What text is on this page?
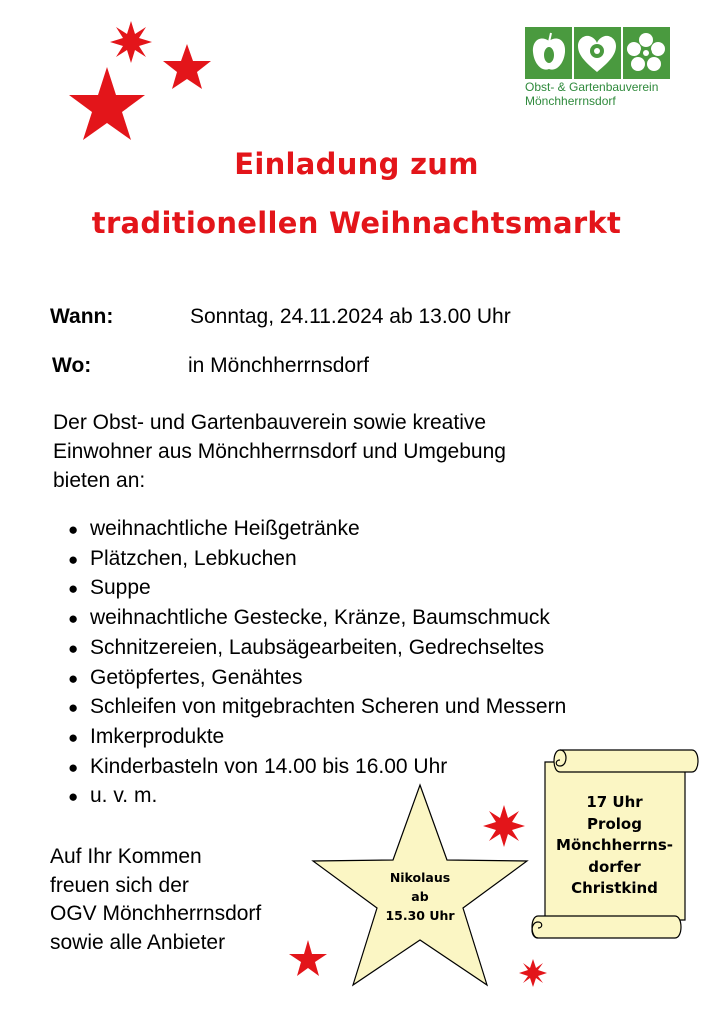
Obst- & Gartenbauverein
Mönchherrnsdorf
Einladung zum
traditionellen Weihnachtsmarkt
Wann:	Sonntag, 24.11.2024 ab 13.00 Uhr
Wo:	in Mönchherrnsdorf
Der Obst- und Gartenbauverein sowie kreative
Einwohner aus Mönchherrnsdorf und Umgebung
bieten an:
● weihnachtliche Heißgetränke
● Plätzchen, Lebkuchen
● Suppe
● weihnachtliche Gestecke, Kränze, Baumschmuck
● Schnitzereien, Laubsägearbeiten, Gedrechseltes
● Getöpfertes, Genähtes
● Schleifen von mitgebrachten Scheren und Messern
● Imkerprodukte
● Kinderbasteln von 14.00 bis 16.00 Uhr
● u. v. m.
Auf Ihr Kommen
freuen sich der
OGV Mönchherrnsdorf
sowie alle Anbieter
Nikolaus
ab
15.30 Uhr
17 Uhr
Prolog
Mönchherrns-
dorfer
Christkind
